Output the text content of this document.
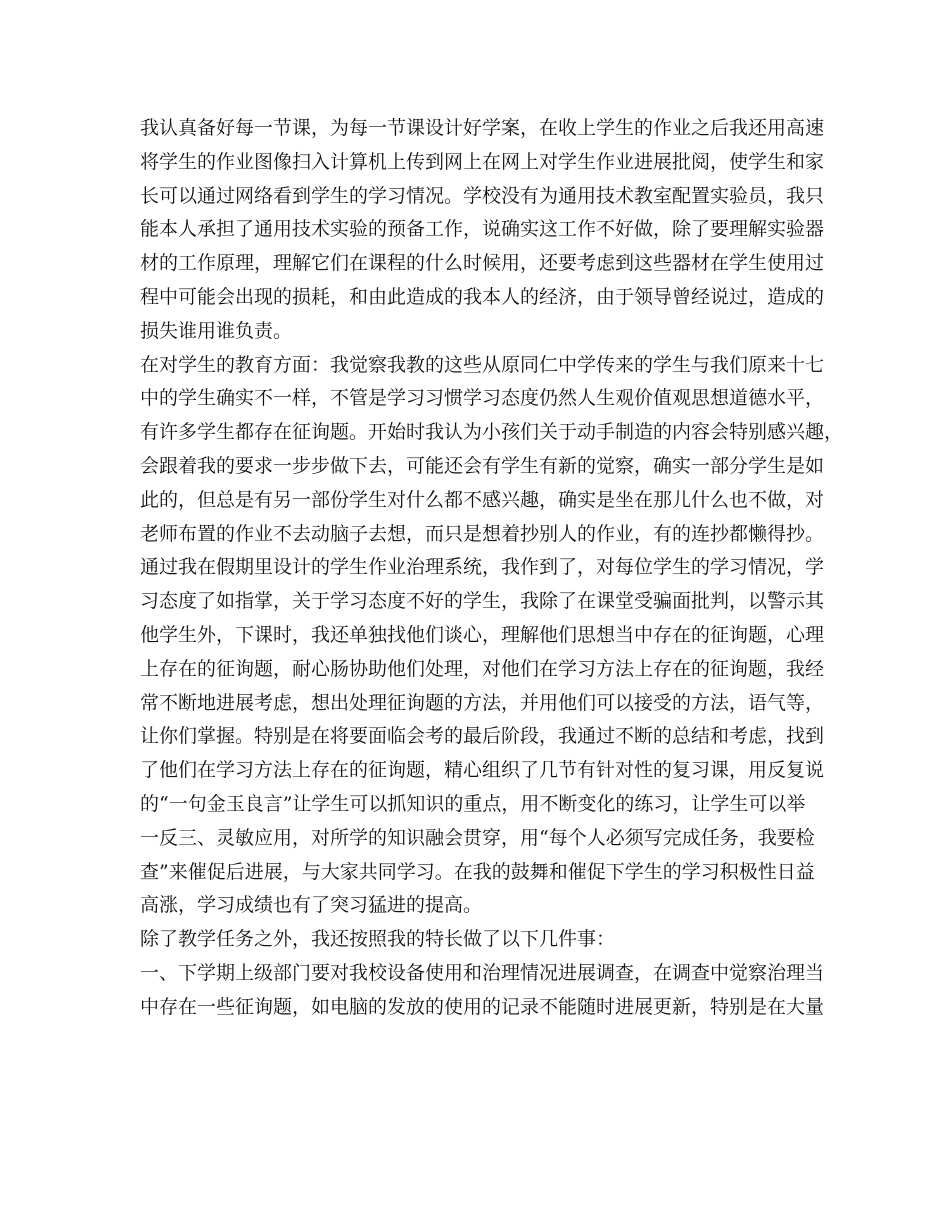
我认真备好每一节课，为每一节课设计好学案，在收上学生的作业之后我还用高速
将学生的作业图像扫入计算机上传到网上在网上对学生作业进展批阅，使学生和家
长可以通过网络看到学生的学习情况。学校没有为通用技术教室配置实验员，我只
能本人承担了通用技术实验的预备工作，说确实这工作不好做，除了要理解实验器
材的工作原理，理解它们在课程的什么时候用，还要考虑到这些器材在学生使用过
程中可能会出现的损耗，和由此造成的我本人的经济，由于领导曾经说过，造成的
损失谁用谁负责。
在对学生的教育方面：我觉察我教的这些从原同仁中学传来的学生与我们原来十七
中的学生确实不一样，不管是学习习惯学习态度仍然人生观价值观思想道德水平，
有许多学生都存在征询题。开始时我认为小孩们关于动手制造的内容会特别感兴趣，
会跟着我的要求一步步做下去，可能还会有学生有新的觉察，确实一部分学生是如
此的，但总是有另一部份学生对什么都不感兴趣，确实是坐在那儿什么也不做，对
老师布置的作业不去动脑子去想，而只是想着抄别人的作业，有的连抄都懒得抄。
通过我在假期里设计的学生作业治理系统，我作到了，对每位学生的学习情况，学
习态度了如指掌，关于学习态度不好的学生，我除了在课堂受骗面批判，以警示其
他学生外，下课时，我还单独找他们谈心，理解他们思想当中存在的征询题，心理
上存在的征询题，耐心肠协助他们处理，对他们在学习方法上存在的征询题，我经
常不断地进展考虑，想出处理征询题的方法，并用他们可以接受的方法，语气等，
让你们掌握。特别是在将要面临会考的最后阶段，我通过不断的总结和考虑，找到
了他们在学习方法上存在的征询题，精心组织了几节有针对性的复习课，用反复说
的“一句金玉良言”让学生可以抓知识的重点，用不断变化的练习，让学生可以举
一反三、灵敏应用，对所学的知识融会贯穿，用“每个人必须写完成任务，我要检
查”来催促后进展，与大家共同学习。在我的鼓舞和催促下学生的学习积极性日益
高涨，学习成绩也有了突习猛进的提高。
除了教学任务之外，我还按照我的特长做了以下几件事：
一、下学期上级部门要对我校设备使用和治理情况进展调查，在调查中觉察治理当
中存在一些征询题，如电脑的发放的使用的记录不能随时进展更新，特别是在大量
